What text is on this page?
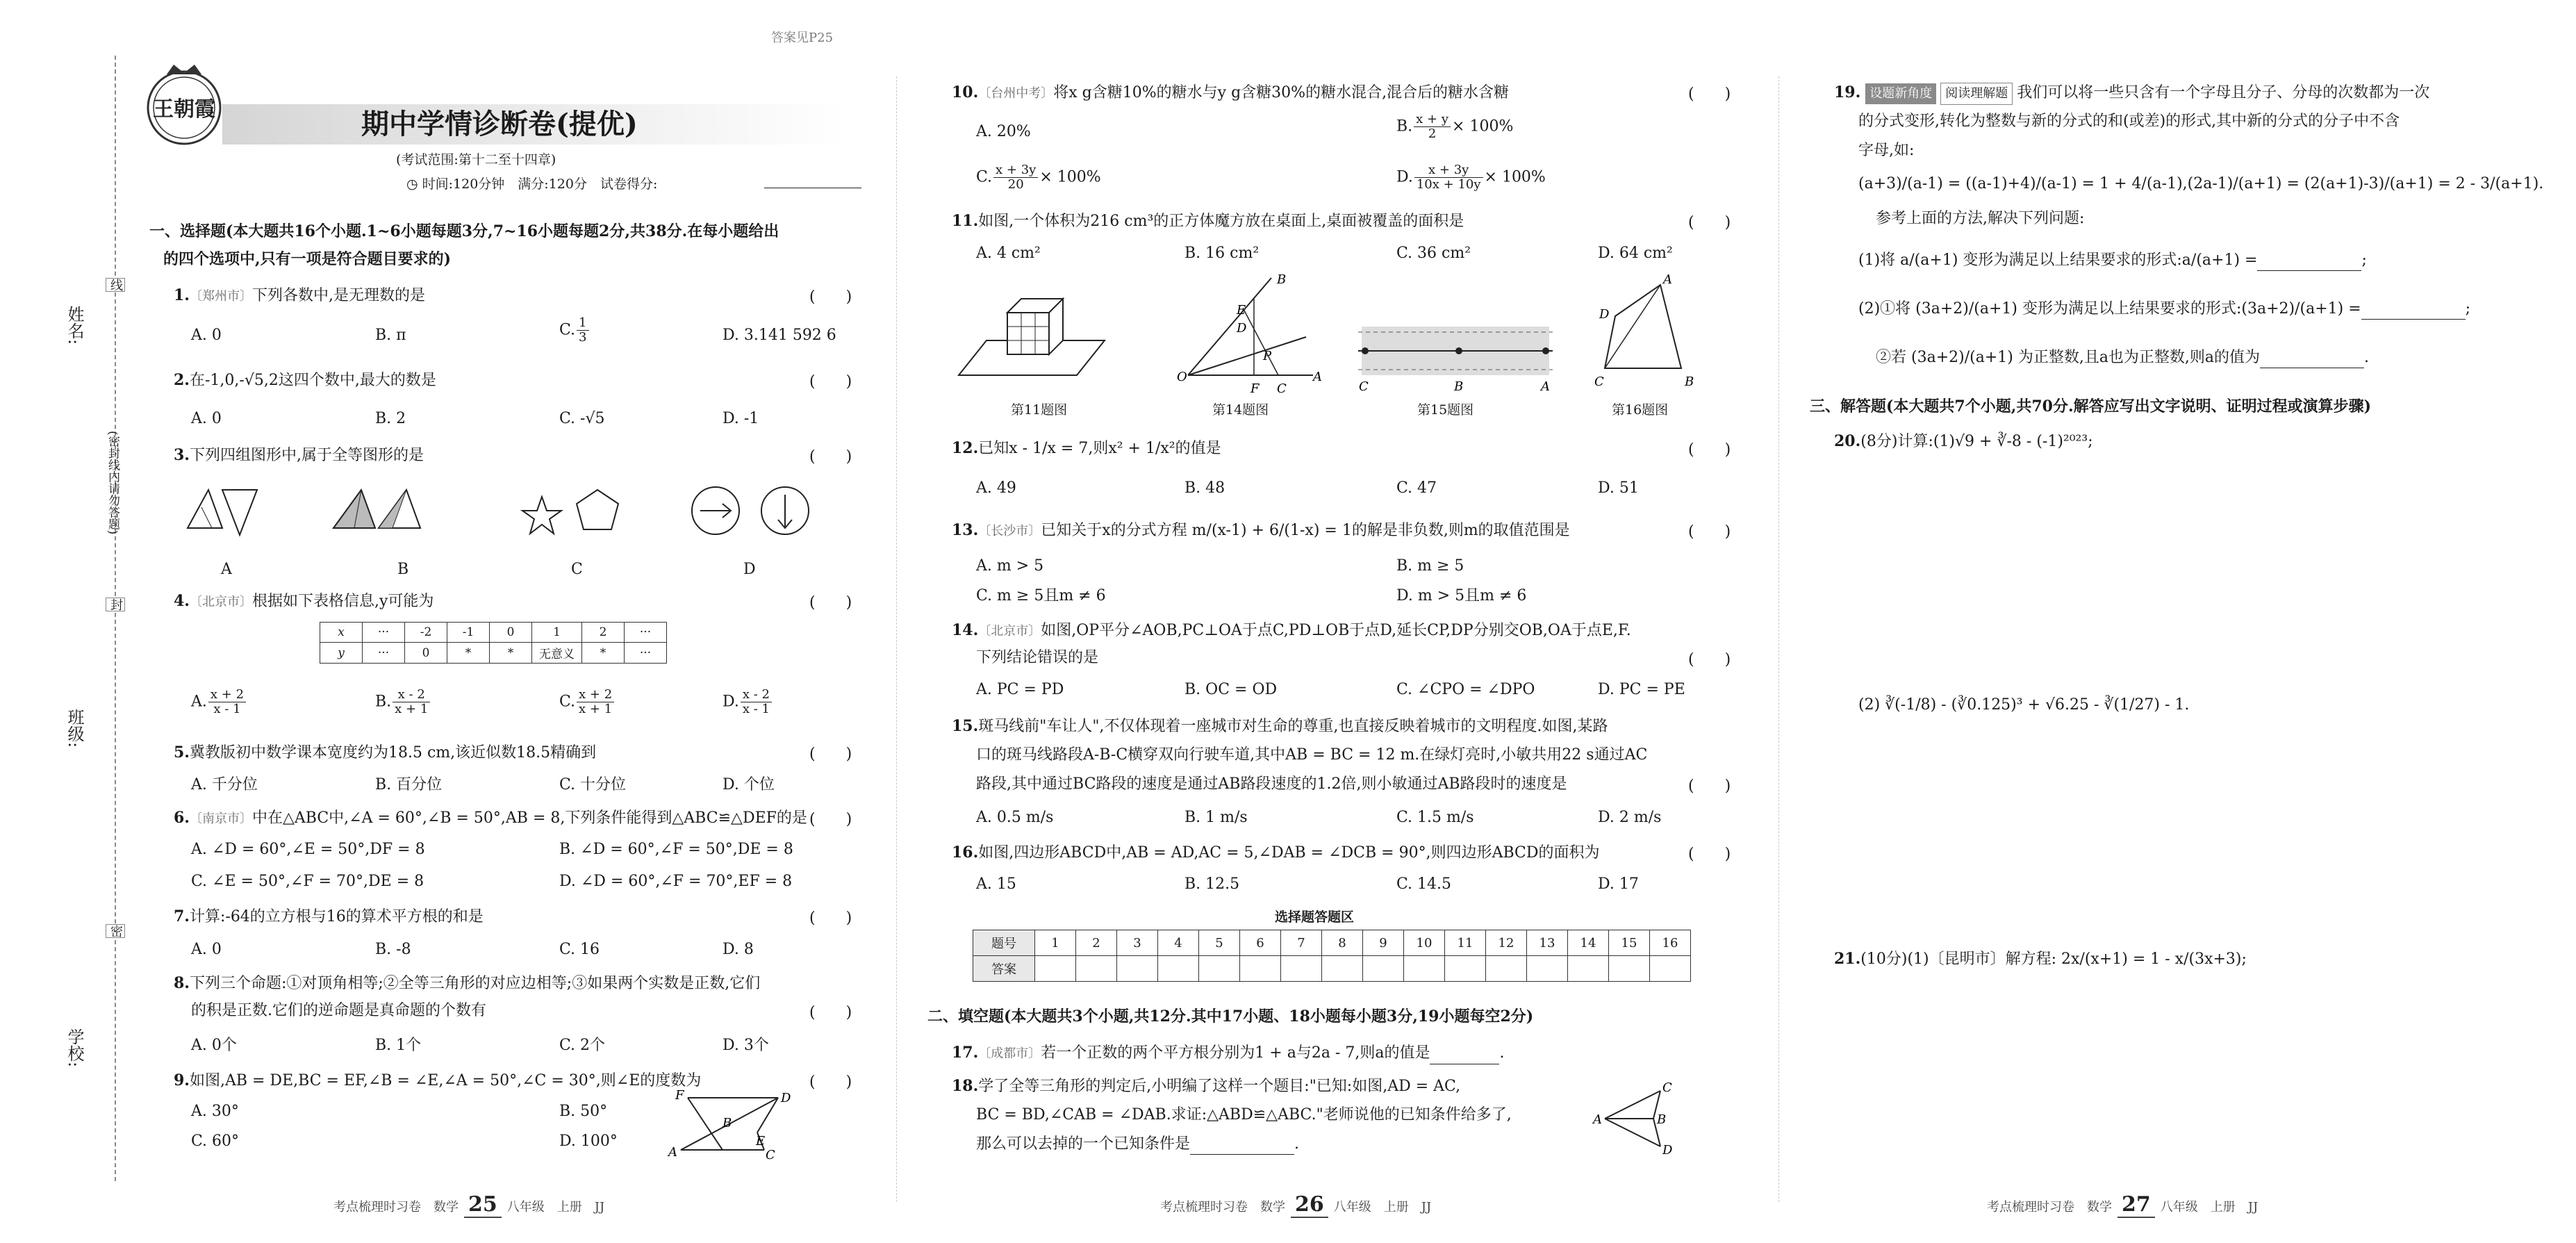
姓名:
班级:
学校:
(密封线内请勿答题)
线
封
密
王朝霞	期中学情诊断卷(提优)
答案见P25
(考试范围:第十二至十四章)
◷ 时间:120分钟　满分:120分　试卷得分:
一、选择题(本大题共16个小题.1~6小题每题3分,7~16小题每题2分,共38分.在每小题给出
的四个选项中,只有一项是符合题目要求的)
1.〔郑州市〕下列各数中,是无理数的是	(　　)
A. 0	B. π	C. $\frac{1}{3}$	D. 3.141 592 6
2.在-1,0,-√5,2这四个数中,最大的数是	(　　)
A. 0	B. 2	C. -√5	D. -1
3.下列四组图形中,属于全等图形的是	(　　)
A	B	C	D
4.〔北京市〕根据如下表格信息,y可能为	(　　)
x	···	-2	-1	0	1	2	···
y	···	0	*	*	无意义	*	···
A. $\frac{x + 2}{x - 1}$	B. $\frac{x - 2}{x + 1}$	C. $\frac{x + 2}{x + 1}$	D. $\frac{x - 2}{x - 1}$
5.冀教版初中数学课本宽度约为18.5 cm,该近似数18.5精确到	(　　)
A. 千分位	B. 百分位	C. 十分位	D. 个位
6.〔南京市〕中在△ABC中,∠A = 60°,∠B = 50°,AB = 8,下列条件能得到△ABC≌△DEF的是 (　　)
A. ∠D = 60°,∠E = 50°,DF = 8	B. ∠D = 60°,∠F = 50°,DE = 8
C. ∠E = 50°,∠F = 70°,DE = 8	D. ∠D = 60°,∠F = 70°,EF = 8
7.计算:-64的立方根与16的算术平方根的和是	(　　)
A. 0	B. -8	C. 16	D. 8
8.下列三个命题:①对顶角相等;②全等三角形的对应边相等;③如果两个实数是正数,它们
的积是正数.它们的逆命题是真命题的个数有	(　　)
A. 0个	B. 1个	C. 2个	D. 3个
9.如图,AB = DE,BC = EF,∠B = ∠E,∠A = 50°,∠C = 30°,则∠E的度数为	(　　)
A. 30°	B. 50°
C. 60°	D. 100°
F	D
B
E
A	C
考点梳理时习卷　数学 25 八年级　上册　JJ
10.〔台州中考〕将x g含糖10%的糖水与y g含糖30%的糖水混合,混合后的糖水含糖	(　　)
A. 20%	B. $\frac{x + y}{2} \times 100\%$
C. $\frac{x + 3y}{20} \times 100\%$	D. $\frac{x + 3y}{10x + 10y} \times 100\%$
11.如图,一个体积为216 cm³的正方体魔方放在桌面上,桌面被覆盖的面积是	(　　)
A. 4 cm²	B. 16 cm²	C. 36 cm²	D. 64 cm²
O
B
A
P
E
D
F C	C	B	A
A
D
C	B
第11题图	第14题图	第15题图	第16题图
12.已知x - 1/x = 7,则x² + 1/x²的值是	(　　)
A. 49	B. 48	C. 47	D. 51
13.〔长沙市〕已知关于x的分式方程 m/(x-1) + 6/(1-x) = 1的解是非负数,则m的取值范围是	(　　)
A. m > 5	B. m ≥ 5
C. m ≥ 5且m ≠ 6	D. m > 5且m ≠ 6
14.〔北京市〕如图,OP平分∠AOB,PC⊥OA于点C,PD⊥OB于点D,延长CP,DP分别交OB,OA于点E,F.
下列结论错误的是	(　　)
A. PC = PD	B. OC = OD	C. ∠CPO = ∠DPO	D. PC = PE
15.斑马线前"车让人",不仅体现着一座城市对生命的尊重,也直接反映着城市的文明程度.如图,某路
口的斑马线路段A-B-C横穿双向行驶车道,其中AB = BC = 12 m.在绿灯亮时,小敏共用22 s通过AC
路段,其中通过BC路段的速度是通过AB路段速度的1.2倍,则小敏通过AB路段时的速度是	(　　)
A. 0.5 m/s	B. 1 m/s	C. 1.5 m/s	D. 2 m/s
16.如图,四边形ABCD中,AB = AD,AC = 5,∠DAB = ∠DCB = 90°,则四边形ABCD的面积为	(　　)
A. 15	B. 12.5	C. 14.5	D. 17
选择题答题区
题号	1	2	3	4	5	6	7	8	9	10	11	12	13	14	15	16
答案																
二、填空题(本大题共3个小题,共12分.其中17小题、18小题每小题3分,19小题每空2分)
17.〔成都市〕若一个正数的两个平方根分别为1 + a与2a - 7,则a的值是	.
18.学了全等三角形的判定后,小明编了这样一个题目:"已知:如图,AD = AC,
BC = BD,∠CAB = ∠DAB.求证:△ABD≌△ABC."老师说他的已知条件给多了,
那么可以去掉的一个已知条件是	.
A
C
B
D
考点梳理时习卷　数学 26 八年级　上册　JJ
19. 设题新角度 阅读理解题 我们可以将一些只含有一个字母且分子、分母的次数都为一次
的分式变形,转化为整数与新的分式的和(或差)的形式,其中新的分式的分子中不含
字母,如:
(a+3)/(a-1) = ((a-1)+4)/(a-1) = 1 + 4/(a-1),(2a-1)/(a+1) = (2(a+1)-3)/(a+1) = 2 - 3/(a+1).
参考上面的方法,解决下列问题:
(1)将 a/(a+1) 变形为满足以上结果要求的形式:a/(a+1) =	;
(2)①将 (3a+2)/(a+1) 变形为满足以上结果要求的形式:(3a+2)/(a+1) =	;
②若 (3a+2)/(a+1) 为正整数,且a也为正整数,则a的值为	.
三、解答题(本大题共7个小题,共70分.解答应写出文字说明、证明过程或演算步骤)
20.(8分)计算:(1)√9 + ∛-8 - (-1)²⁰²³;
(2) ∛(-1/8) - (∛0.125)³ + √6.25 - ∛(1/27) - 1.
21.(10分)(1)〔昆明市〕解方程: 2x/(x+1) = 1 - x/(3x+3);
考点梳理时习卷　数学 27 八年级　上册　JJ
